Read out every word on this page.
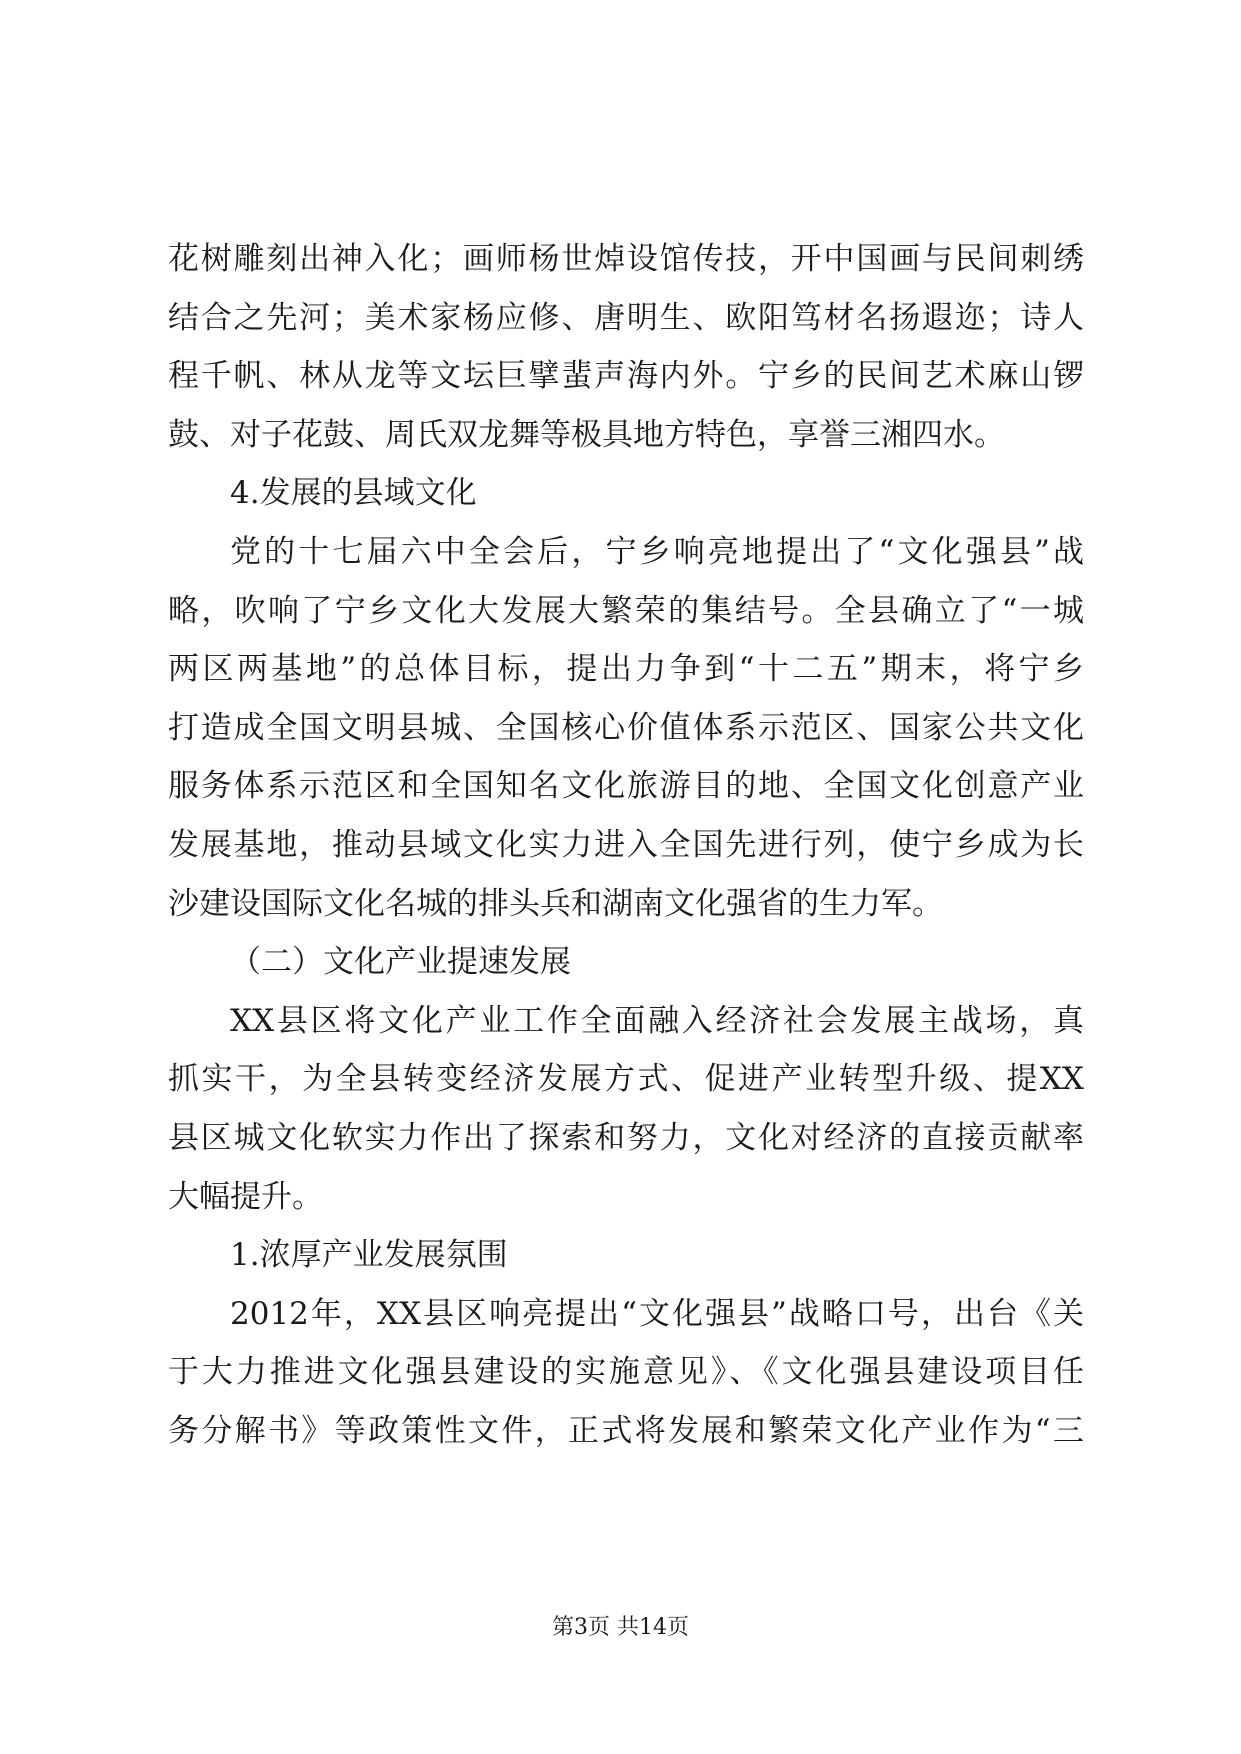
花树雕刻出神入化；画师杨世焯设馆传技，开中国画与民间刺绣
结合之先河；美术家杨应修、唐明生、欧阳笃材名扬遐迩；诗人
程千帆、林从龙等文坛巨擘蜚声海内外。宁乡的民间艺术麻山锣
鼓、对子花鼓、周氏双龙舞等极具地方特色，享誉三湘四水。
4.发展的县域文化
党的十七届六中全会后，宁乡响亮地提出了“文化强县”战
略，吹响了宁乡文化大发展大繁荣的集结号。全县确立了“一城
两区两基地”的总体目标，提出力争到“十二五”期末，将宁乡
打造成全国文明县城、全国核心价值体系示范区、国家公共文化
服务体系示范区和全国知名文化旅游目的地、全国文化创意产业
发展基地，推动县域文化实力进入全国先进行列，使宁乡成为长
沙建设国际文化名城的排头兵和湖南文化强省的生力军。
（二）文化产业提速发展
XX县区将文化产业工作全面融入经济社会发展主战场，真
抓实干，为全县转变经济发展方式、促进产业转型升级、提XX
县区城文化软实力作出了探索和努力，文化对经济的直接贡献率
大幅提升。
1.浓厚产业发展氛围
2012年，XX县区响亮提出“文化强县”战略口号，出台《关
于大力推进文化强县建设的实施意见》、《文化强县建设项目任
务分解书》等政策性文件，正式将发展和繁荣文化产业作为“三
第3页 共14页
